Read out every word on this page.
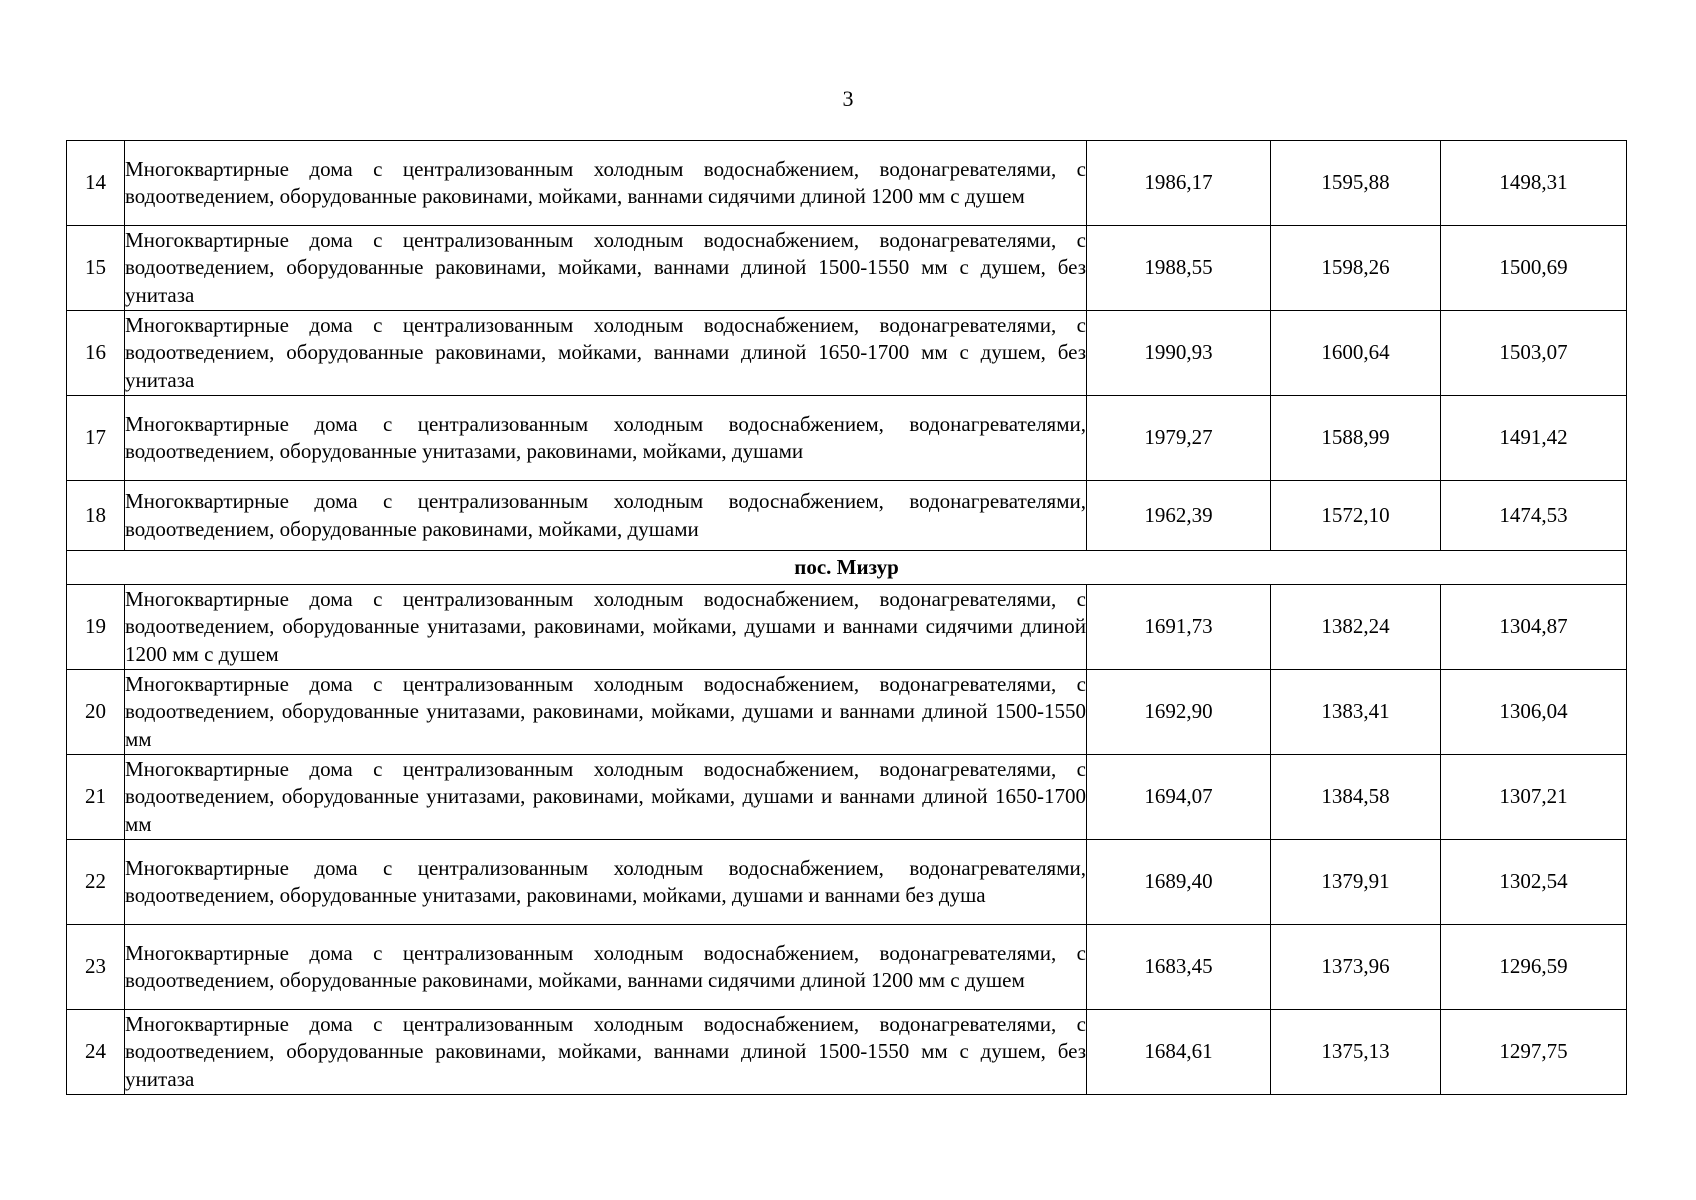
3
14	Многоквартирные дома с централизованным холодным водоснабжением, водонагревателями, с водоотведением, оборудованные раковинами, мойками, ваннами сидячими длиной 1200 мм с душем	1986,17	1595,88	1498,31
15	Многоквартирные дома с централизованным холодным водоснабжением, водонагревателями, с водоотведением, оборудованные раковинами, мойками, ваннами длиной 1500-1550 мм с душем, без унитаза	1988,55	1598,26	1500,69
16	Многоквартирные дома с централизованным холодным водоснабжением, водонагревателями, с водоотведением, оборудованные раковинами, мойками, ваннами длиной 1650-1700 мм с душем, без унитаза	1990,93	1600,64	1503,07
17	Многоквартирные дома с централизованным холодным водоснабжением, водонагревателями, водоотведением, оборудованные унитазами, раковинами, мойками, душами	1979,27	1588,99	1491,42
18	Многоквартирные дома с централизованным холодным водоснабжением, водонагревателями, водоотведением, оборудованные раковинами, мойками, душами	1962,39	1572,10	1474,53
пос. Мизур				
19	Многоквартирные дома с централизованным холодным водоснабжением, водонагревателями, с водоотведением, оборудованные унитазами, раковинами, мойками, душами и ваннами сидячими длиной 1200 мм с душем	1691,73	1382,24	1304,87
20	Многоквартирные дома с централизованным холодным водоснабжением, водонагревателями, с водоотведением, оборудованные унитазами, раковинами, мойками, душами и ваннами длиной 1500-1550 мм	1692,90	1383,41	1306,04
21	Многоквартирные дома с централизованным холодным водоснабжением, водонагревателями, с водоотведением, оборудованные унитазами, раковинами, мойками, душами и ваннами длиной 1650-1700 мм	1694,07	1384,58	1307,21
22	Многоквартирные дома с централизованным холодным водоснабжением, водонагревателями, водоотведением, оборудованные унитазами, раковинами, мойками, душами и ваннами без душа	1689,40	1379,91	1302,54
23	Многоквартирные дома с централизованным холодным водоснабжением, водонагревателями, с водоотведением, оборудованные раковинами, мойками, ваннами сидячими длиной 1200 мм с душем	1683,45	1373,96	1296,59
24	Многоквартирные дома с централизованным холодным водоснабжением, водонагревателями, с водоотведением, оборудованные раковинами, мойками, ваннами длиной 1500-1550 мм с душем, без унитаза	1684,61	1375,13	1297,75
